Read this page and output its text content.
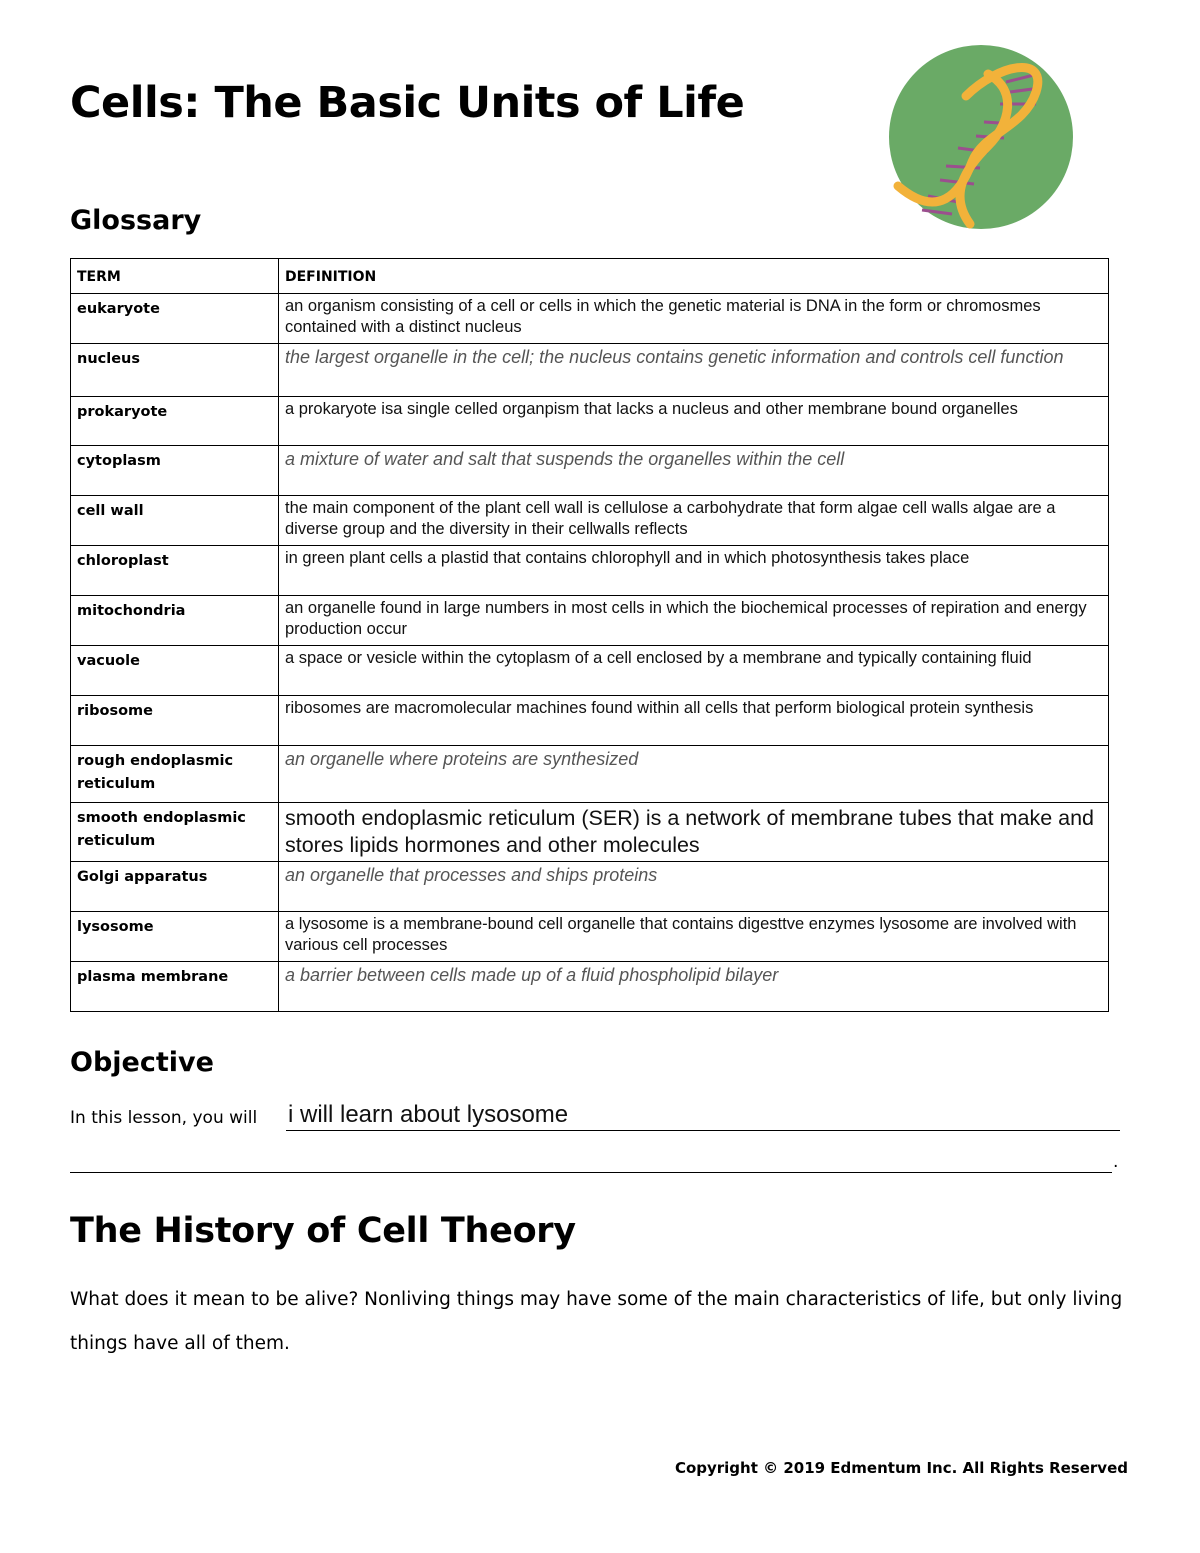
Cells: The Basic Units of Life
Glossary
TERM	DEFINITION
eukaryote	an organism consisting of a cell or cells in which the genetic material is DNA in the form or chromosmes contained with a distinct nucleus
nucleus	the largest organelle in the cell; the nucleus contains genetic information and controls cell function
prokaryote	a prokaryote isa single celled organpism that lacks a nucleus and other membrane bound organelles
cytoplasm	a mixture of water and salt that suspends the organelles within the cell
cell wall	the main component of the plant cell wall is cellulose a carbohydrate that form algae cell walls algae are a diverse group and the diversity in their cellwalls reflects
chloroplast	in green plant cells a plastid that contains chlorophyll and in which photosynthesis takes place
mitochondria	an organelle found in large numbers in most cells in which the biochemical processes of repiration and energy production occur
vacuole	a space or vesicle within the cytoplasm of a cell enclosed by a membrane and typically containing fluid
ribosome	ribosomes are macromolecular machines found within all cells that perform biological protein synthesis
rough endoplasmic reticulum	an organelle where proteins are synthesized
smooth endoplasmic reticulum	smooth endoplasmic reticulum (SER) is a network of membrane tubes that make and stores lipids hormones and other molecules
Golgi apparatus	an organelle that processes and ships proteins
lysosome	a lysosome is a membrane-bound cell organelle that contains digesttve enzymes lysosome are involved with various cell processes
plasma membrane	a barrier between cells made up of a fluid phospholipid bilayer
Objective
In this lesson, you will
i will learn about lysosome
.
The History of Cell Theory

What does it mean to be alive? Nonliving things may have some of the main characteristics of life, but only living things have all of them.

Copyright © 2019 Edmentum Inc. All Rights Reserved
